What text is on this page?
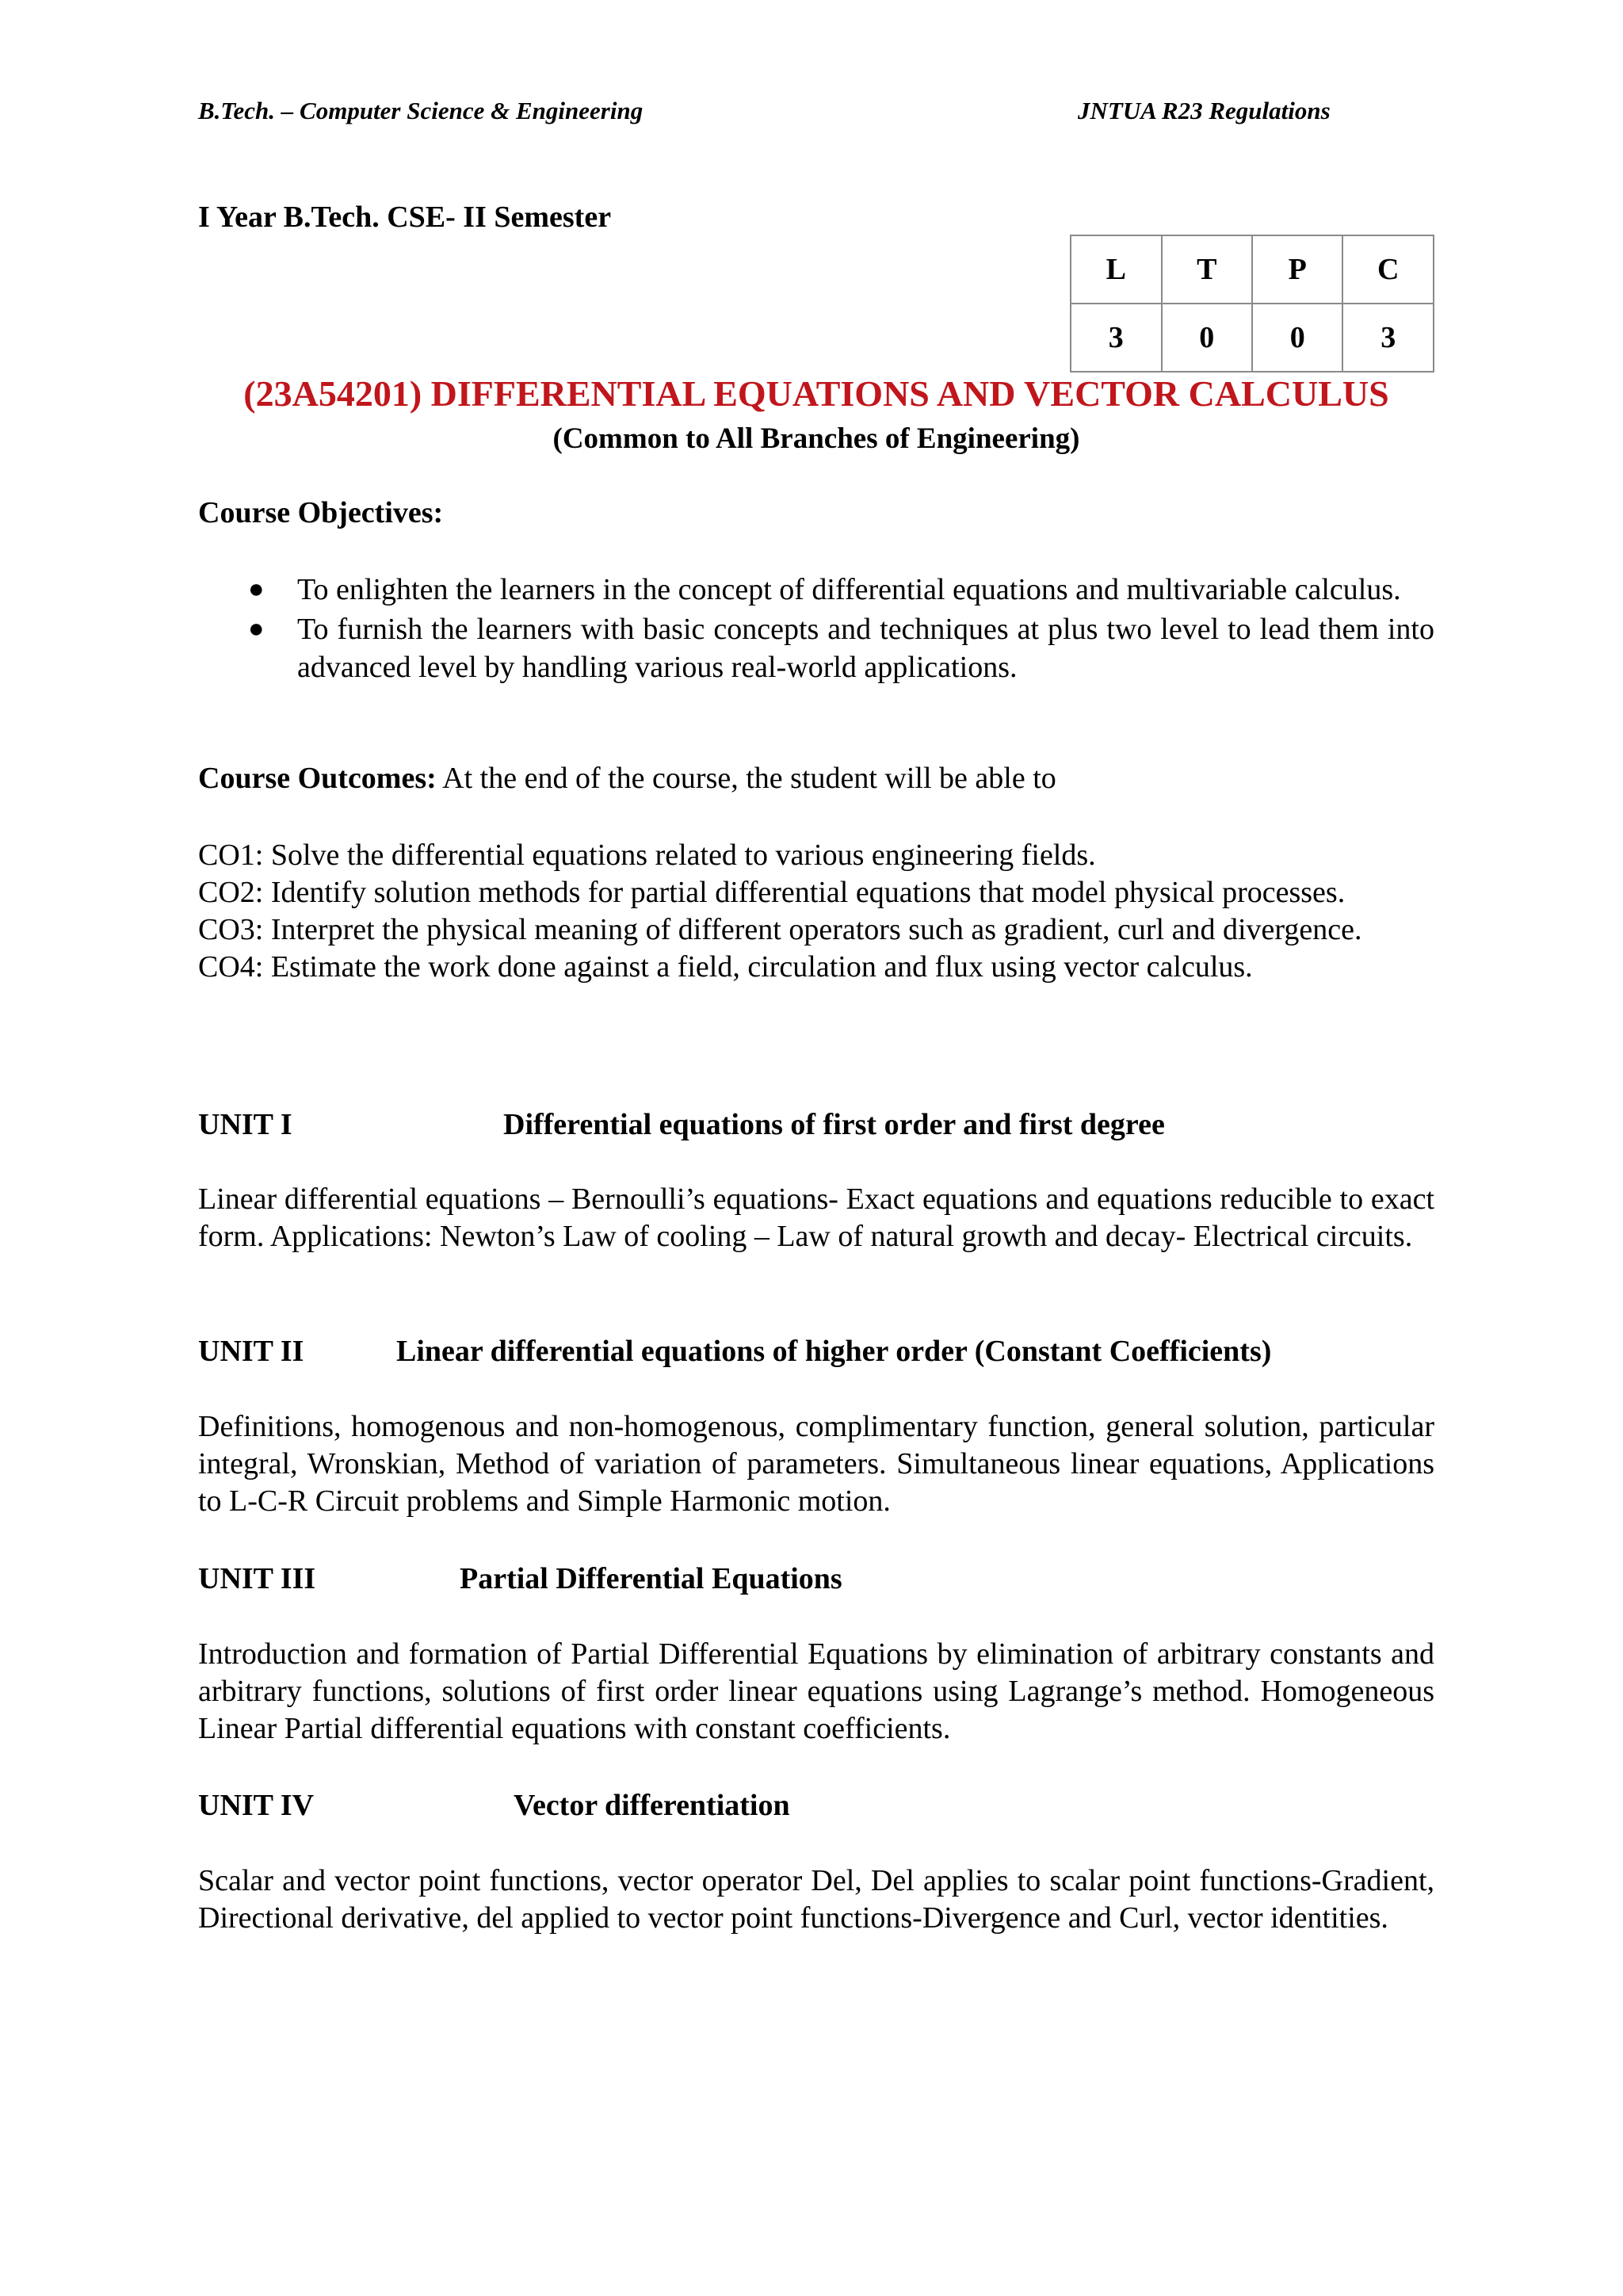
B.Tech. – Computer Science & Engineering	JNTUA R23 Regulations
I Year B.Tech. CSE- II Semester
L	T	P	C
3	0	0	3
(23A54201) DIFFERENTIAL EQUATIONS AND VECTOR CALCULUS
(Common to All Branches of Engineering)
Course Objectives:
● To enlighten the learners in the concept of differential equations and multivariable calculus.
● To furnish the learners with basic concepts and techniques at plus two level to lead them into advanced level by handling various real-world applications.
Course Outcomes: At the end of the course, the student will be able to
CO1: Solve the differential equations related to various engineering fields.
CO2: Identify solution methods for partial differential equations that model physical processes.
CO3: Interpret the physical meaning of different operators such as gradient, curl and divergence.
CO4: Estimate the work done against a field, circulation and flux using vector calculus.
UNIT I	Differential equations of first order and first degree
Linear differential equations – Bernoulli’s equations- Exact equations and equations reducible to exact form. Applications: Newton’s Law of cooling – Law of natural growth and decay- Electrical circuits.
UNIT II	Linear differential equations of higher order (Constant Coefficients)
Definitions, homogenous and non-homogenous, complimentary function, general solution, particular integral, Wronskian, Method of variation of parameters. Simultaneous linear equations, Applications to L-C-R Circuit problems and Simple Harmonic motion.
UNIT III	Partial Differential Equations
Introduction and formation of Partial Differential Equations by elimination of arbitrary constants and arbitrary functions, solutions of first order linear equations using Lagrange’s method. Homogeneous Linear Partial differential equations with constant coefficients.
UNIT IV	Vector differentiation
Scalar and vector point functions, vector operator Del, Del applies to scalar point functions-Gradient, Directional derivative, del applied to vector point functions-Divergence and Curl, vector identities.
